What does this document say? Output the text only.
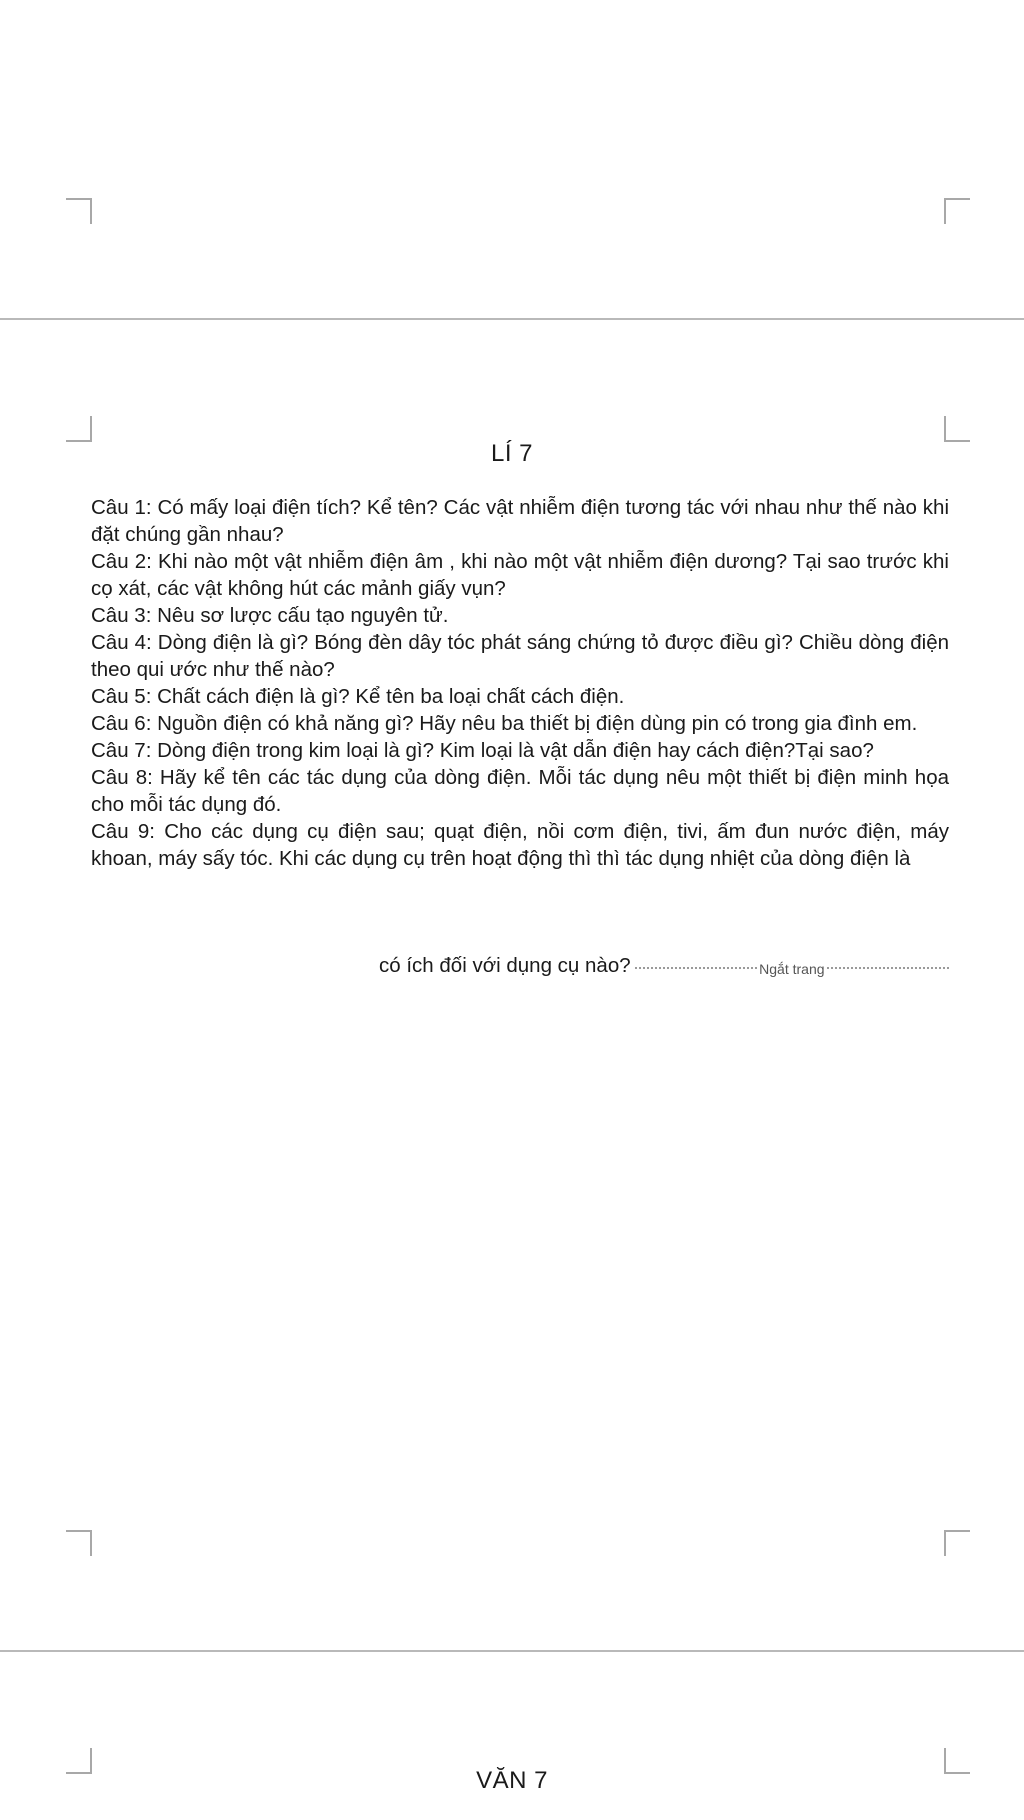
LÍ 7

Câu 1: Có mấy loại điện tích? Kể tên? Các vật nhiễm điện tương tác với nhau như thế nào khi đặt chúng gần nhau?

Câu 2: Khi nào một vật nhiễm điện âm , khi nào một vật nhiễm điện dương? Tại sao trước khi cọ xát, các vật không hút các mảnh giấy vụn?

Câu 3: Nêu sơ lược cấu tạo nguyên tử.

Câu 4: Dòng điện là gì? Bóng đèn dây tóc phát sáng chứng tỏ được điều gì? Chiều dòng điện theo qui ước như thế nào?

Câu 5: Chất cách điện là gì? Kể tên ba loại chất cách điện.

Câu 6: Nguồn điện có khả năng gì? Hãy nêu ba thiết bị điện dùng pin có trong gia đình em.

Câu 7: Dòng điện trong kim loại là gì? Kim loại là vật dẫn điện hay cách điện?Tại sao?

Câu 8: Hãy kể tên các tác dụng của dòng điện. Mỗi tác dụng nêu một thiết bị điện minh họa cho mỗi tác dụng đó.

Câu 9: Cho các dụng cụ điện sau; quạt điện, nồi cơm điện, tivi, ấm đun nước điện, máy khoan, máy sấy tóc. Khi các dụng cụ trên hoạt động thì thì tác dụng nhiệt của dòng điện là

có ích đối với dụng cụ nào?	Ngắt trang
VĂN 7
